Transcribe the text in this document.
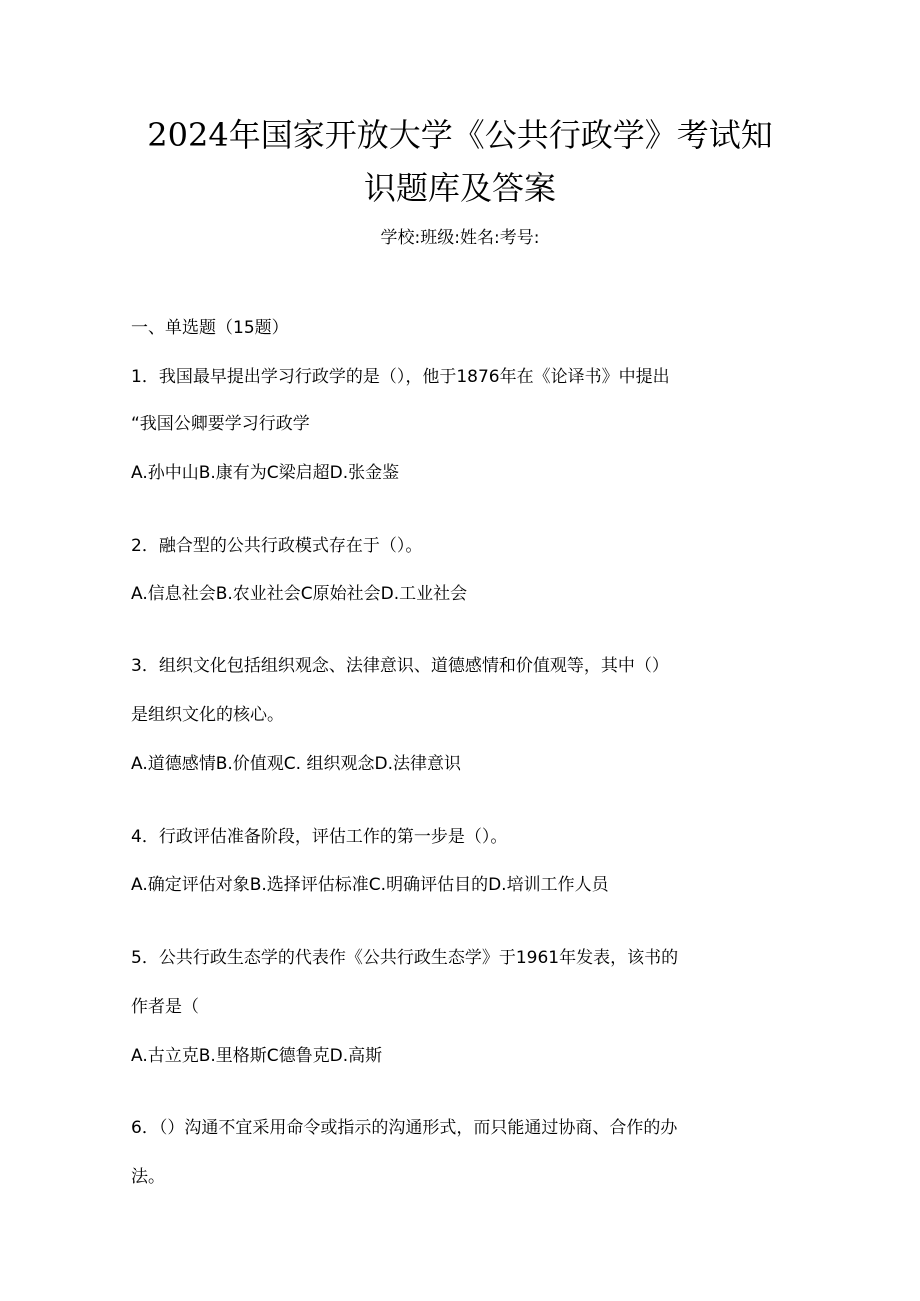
2024年国家开放大学《公共行政学》考试知
识题库及答案
学校:班级:姓名:考号:
一、单选题（15题）
1．我国最早提出学习行政学的是（），他于1876年在《论译书》中提出
“我国公卿要学习行政学
A.孙中山B.康有为C梁启超D.张金鉴
2．融合型的公共行政模式存在于（）。
A.信息社会B.农业社会C原始社会D.工业社会
3．组织文化包括组织观念、法律意识、道德感情和价值观等，其中（）
是组织文化的核心。
A.道德感情B.价值观C. 组织观念D.法律意识
4．行政评估准备阶段，评估工作的第一步是（）。
A.确定评估对象B.选择评估标准C.明确评估目的D.培训工作人员
5．公共行政生态学的代表作《公共行政生态学》于1961年发表，该书的
作者是（
A.古立克B.里格斯C德鲁克D.高斯
6．（）沟通不宜采用命令或指示的沟通形式，而只能通过协商、合作的办
法。
